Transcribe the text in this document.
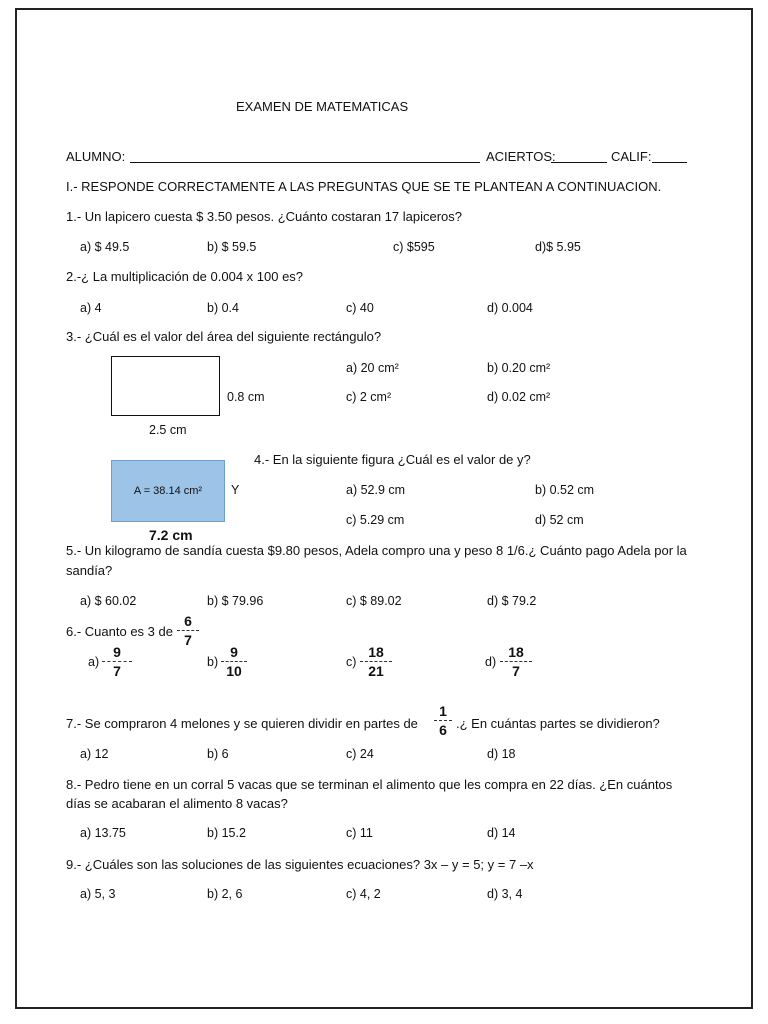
EXAMEN DE MATEMATICAS
ALUMNO:	ACIERTOS:	CALIF:
I.- RESPONDE CORRECTAMENTE A LAS PREGUNTAS QUE SE TE PLANTEAN A CONTINUACION.
1.- Un lapicero cuesta $ 3.50 pesos. ¿Cuánto costaran 17 lapiceros?
a) $ 49.5	b) $ 59.5	c) $595	d)$ 5.95
2.-¿ La multiplicación de 0.004 x 100 es?
a) 4	b) 0.4	c) 40	d) 0.004
3.- ¿Cuál es el valor del área del siguiente rectángulo?
0.8 cm
2.5 cm
a) 20 cm²	b) 0.20 cm²
c) 2 cm²	d) 0.02 cm²
4.- En la siguiente figura ¿Cuál es el valor de y?
A = 38.14 cm² Y
7.2 cm
a) 52.9 cm	b) 0.52 cm
c) 5.29 cm	d) 52 cm
5.- Un kilogramo de sandía cuesta $9.80 pesos, Adela compro una y peso 8 1/6.¿ Cuánto pago Adela por la
sandía?
a) $ 60.02	b) $ 79.96	c) $ 89.02	d) $ 79.2
6.- Cuanto es 3 de
6
7
a)
9
7
b)
9
10
c)
18
21
d)
18
7
7.- Se compraron 4 melones y se quieren dividir en partes de
1
6 .¿ En cuántas partes se dividieron?
a) 12	b) 6	c) 24	d) 18
8.- Pedro tiene en un corral 5 vacas que se terminan el alimento que les compra en 22 días. ¿En cuántos
días se acabaran el alimento 8 vacas?
a) 13.75	b) 15.2	c) 11	d) 14
9.- ¿Cuáles son las soluciones de las siguientes ecuaciones? 3x – y = 5; y = 7 –x
a) 5, 3	b) 2, 6	c) 4, 2	d) 3, 4
